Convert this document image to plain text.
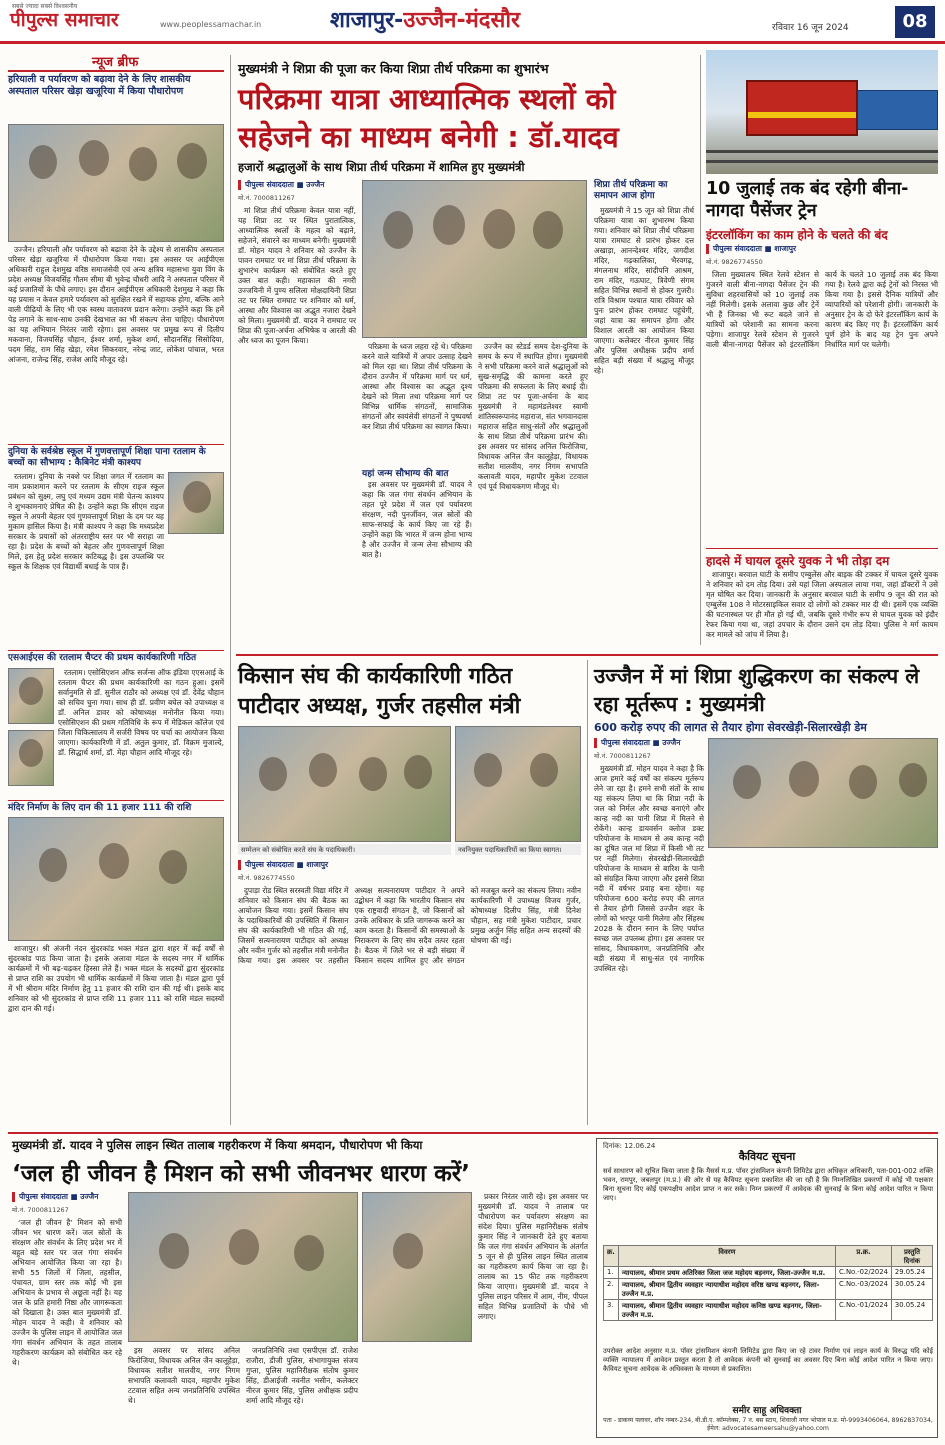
सबसे ज्यादा सबसे विश्वसनीय
पीपुल्स समाचार	www.peoplessamachar.in	शाजापुर-उज्जैन-मंदसौर	रविवार 16 जून 2024	08
न्यूज ब्रीफ
हरियाली व पर्यावरण को बढ़ावा देने के लिए शासकीय अस्पताल परिसर खेड़ा खजूरिया में किया पौधारोपण

उज्जैन। हरियाली और पर्यावरण को बढ़ावा देने के उद्देश्य से शासकीय अस्पताल परिसर खेड़ा खजूरिया में पौधारोपण किया गया। इस अवसर पर आईपीएस अधिकारी राहुल देशमुख वरिष्ठ समाजसेवी एवं अन्य क्षत्रिय महासभा युवा विंग के प्रदेश अध्यक्ष विजयसिंह गौतम सीमा बी भुवेन्द्र चौधरी आदि ने अस्पताल परिसर में कई प्रजातियों के पौधे लगाए। इस दौरान आईपीएस अधिकारी देशमुख ने कहा कि यह प्रयास न केवल हमारे पर्यावरण को सुरक्षित रखने में सहायक होगा, बल्कि आने वाली पीढ़ियों के लिए भी एक स्वस्थ वातावरण प्रदान करेगा। उन्होंने कहा कि हमें पेड़ लगाने के साथ-साथ उनकी देखभाल का भी संकल्प लेना चाहिए। पौधारोपण का यह अभियान निरंतर जारी रहेगा। इस अवसर पर प्रमुख रूप से दिलीप मकवाना, विजयसिंह चौहान, ईश्वर शर्मा, मुकेश शर्मा, सौदानसिंह सिसोदिया, पदम सिंह, राम सिंह खेड़ा, रमेश सिकरवार, नरेन्द्र जाट, लोकेश पांचाल, भरत आंजना, राजेन्द्र सिंह, राजेश आदि मौजूद रहे।

दुनिया के सर्वश्रेष्ठ स्कूल में गुणवत्तापूर्ण शिक्षा पाना रतलाम के बच्चों का सौभाग्य : कैबिनेट मंत्री काश्यप

रतलाम। दुनिया के नक्शे पर शिक्षा जगत में रतलाम का नाम प्रकाशमान करने पर रतलाम के सीएम राइज स्कूल प्रबंधन को सुक्ष्म, लघु एवं मध्यम उद्यम मंत्री चेतन्य काश्यप ने शुभकामनाएं प्रेषित की है। उन्होंने कहा कि सीएम राइज स्कूल ने अपनी बेहतर एवं गुणवत्तापूर्ण शिक्षा के दम पर यह मुकाम हासिल किया है। मंत्री काश्यप ने कहा कि मध्यप्रदेश सरकार के प्रयासों को अंतरराष्ट्रीय स्तर पर भी सराहा जा रहा है। प्रदेश के बच्चों को बेहतर और गुणवत्तापूर्ण शिक्षा मिले, इस हेतु प्रदेश सरकार कटिबद्ध है। इस उपलब्धि पर स्कूल के शिक्षक एवं विद्यार्थी बधाई के पात्र हैं।

एसआईएस की रतलाम चैप्टर की प्रथम कार्यकारिणी गठित

रतलाम। एसोसिएशन ऑफ सर्जन्स ऑफ इंडिया एएसआई के रतलाम चैप्टर की प्रथम कार्यकारिणी का गठन हुआ। इसमें सर्वानुमति से डॉ. सुनील राठौर को अध्यक्ष एवं डॉ. देवेंद्र चौहान को सचिव चुना गया। साथ ही डॉ. प्रवीण बघेल को उपाध्यक्ष व डॉ. अनिल डावर को कोषाध्यक्ष मनोनीत किया गया। एसोसिएशन की प्रथम गतिविधि के रूप में मेडिकल कॉलेज एवं जिला चिकित्सालय में सर्जरी विषय पर चर्चा का आयोजन किया जाएगा। कार्यकारिणी में डॉ. अतुल कुमार, डॉ. विक्रम मुजाल्दे, डॉ. सिद्धार्थ शर्मा, डॉ. मेहा चौहान आदि मौजूद रहे।

मंदिर निर्माण के लिए दान की 11 हजार 111 की राशि

शाजापुर। श्री अंजनी नंदन सुंदरकांड भक्त मंडल द्वारा शहर में कई वर्षों से सुंदरकांड पाठ किया जाता है। इसके अलावा मंडल के सदस्य नगर में धार्मिक कार्यक्रमों में भी बढ़-चढ़कर हिस्सा लेते हैं। भक्त मंडल के सदस्यों द्वारा सुंदरकांड से प्राप्त राशि का उपयोग भी धार्मिक कार्यक्रमों में किया जाता है। मंडल द्वारा पूर्व में भी श्रीराम मंदिर निर्माण हेतु 11 हजार की राशि दान की गई थी। इसके बाद शनिवार को भी सुंदरकांड से प्राप्त राशि 11 हजार 111 को राशि मंडल सदस्यों द्वारा दान की गई।

मुख्यमंत्री ने शिप्रा की पूजा कर किया शिप्रा तीर्थ परिक्रमा का शुभारंभ
परिक्रमा यात्रा आध्यात्मिक स्थलों को सहेजने का माध्यम बनेगी : डॉ.यादव
हजारों श्रद्धालुओं के साथ शिप्रा तीर्थ परिक्रमा में शामिल हुए मुख्यमंत्री
पीपुल्स संवाददाता ■ उज्जैन
मो.नं. 7000811267

मां शिप्रा तीर्थ परिक्रमा केवल यात्रा नहीं, यह शिप्रा तट पर स्थित पुरातात्विक, आध्यात्मिक स्थलों के महत्व को बढ़ाने, सहेजने, संवारने का माध्यम बनेगी। मुख्यमंत्री डॉ. मोहन यादव ने शनिवार को उज्जैन के पावन रामघाट पर मां शिप्रा तीर्थ परिक्रमा के शुभारंभ कार्यक्रम को संबोधित करते हुए उक्त बात कही। महाकाल की नगरी उज्जयिनी में पुण्य सलिला मोक्षदायिनी शिप्रा तट पर स्थित रामघाट पर शनिवार को धर्म, आस्था और विश्वास का अद्भुत नजारा देखने को मिला। मुख्यमंत्री डॉ. यादव ने रामघाट पर शिप्रा की पूजा-अर्चना अभिषेक व आरती की और ध्वज का पूजन किया।

परिक्रमा के ध्वज लहरा रहे थे। परिक्रमा करने वाले यात्रियों में अपार उत्साह देखने को मिल रहा था। शिप्रा तीर्थ परिक्रमा के दौरान उज्जैन में परिक्रमा मार्ग पर धर्म, आस्था और विश्वास का अद्भुत दृश्य देखने को मिला तथा परिक्रमा मार्ग पर विभिन्न धार्मिक संगठनों, सामाजिक संगठनों और स्वयंसेवी संगठनों ने पुष्पवर्षा कर शिप्रा तीर्थ परिक्रमा का स्वागत किया।

यहां जन्म सौभाग्य की बात

इस अवसर पर मुख्यमंत्री डॉ. यादव ने कहा कि जल गंगा संवर्धन अभियान के तहत पूरे प्रदेश में जल एवं पर्यावरण संरक्षण, नदी पुनर्जीवन, जल स्रोतों की साफ-सफाई के कार्य किए जा रहे हैं। उन्होंने कहा कि भारत में जन्म होना भाग्य है और उज्जैन में जन्म लेना सौभाग्य की बात है।

उज्जैन का स्टेडर्ड समय देश-दुनिया के समय के रूप में स्थापित होगा। मुख्यमंत्री ने सभी परिक्रमा करने वाले श्रद्धालुओं को सुख-समृद्धि की कामना करते हुए परिक्रमा की सफलता के लिए बधाई दी। शिप्रा तट पर पूजा-अर्चना के बाद मुख्यमंत्री ने महामंडलेश्वर स्वामी शांतिस्वरूपानंद महाराज, संत भगवानदास महाराज सहित साधु-संतों और श्रद्धालुओं के साथ शिप्रा तीर्थ परिक्रमा प्रारंभ की। इस अवसर पर सांसद अनिल फिरोजिया, विधायक अनिल जैन कालूहेड़ा, विधायक सतीश मालवीय, नगर निगम सभापति कलावती यादव, महापौर मुकेश टटवाल एवं पूर्व विधायकगण मौजूद थे।

शिप्रा तीर्थ परिक्रमा का समापन आज होगा

मुख्यमंत्री ने 15 जून को शिप्रा तीर्थ परिक्रमा यात्रा का शुभारम्भ किया गया। शनिवार को शिप्रा तीर्थ परिक्रमा यात्रा रामघाट से प्रारंभ होकर दत्त अखाड़ा, आनन्देश्वर मंदिर, जगदीश मंदिर, गढ़कालिका, भैरवगढ़, मंगलनाथ मंदिर, सांदीपनि आश्रम, राम मंदिर, गऊघाट, त्रिवेणी संगम सहित विभिन्न स्थानों से होकर गुजरी। रात्रि विश्राम पश्चात यात्रा रविवार को पुनः प्रारंभ होकर रामघाट पहुंचेगी, जहां यात्रा का समापन होगा और विशाल आरती का आयोजन किया जाएगा। कलेक्टर नीरज कुमार सिंह और पुलिस अधीक्षक प्रदीप शर्मा सहित बड़ी संख्या में श्रद्धालु मौजूद रहे।

10 जुलाई तक बंद रहेगी बीना-नागदा पैसेंजर ट्रेन
इंटरलॉकिंग का काम होने के चलते की बंद
पीपुल्स संवाददाता ■ शाजापुर
मो.नं. 9826774550

जिला मुख्यालय स्थित रेलवे स्टेशन से गुजरने वाली बीना-नागदा पैसेंजर ट्रेन की सुविधा शहरवासियों को 10 जुलाई तक नहीं मिलेगी। इसके अलावा कुछ और ट्रेनें भी हैं जिनका भी रूट बदले जाने से यात्रियों को परेशानी का सामना करना पड़ेगा। शाजापुर रेलवे स्टेशन से गुजरने वाली बीना-नागदा पैसेंजर को इंटरलॉकिंग कार्य के चलते 10 जुलाई तक बंद किया गया है। रेलवे द्वारा कई ट्रेनों को निरस्त भी किया गया है। इससे दैनिक यात्रियों और व्यापारियों को परेशानी होगी। जानकारी के अनुसार ट्रेन के दो फेरे इंटरलॉकिंग कार्य के कारण बंद किए गए हैं। इंटरलॉकिंग कार्य पूर्ण होने के बाद यह ट्रेन पुनः अपने निर्धारित मार्ग पर चलेगी।

हादसे में घायल दूसरे युवक ने भी तोड़ा दम

शाजापुर। बरवाल घाटी के समीप एम्बुलेंस और बाइक की टक्कर में घायल दूसरे युवक ने शनिवार को दम तोड़ दिया। उसे यहां जिला अस्पताल लाया गया, जहां डॉक्टरों ने उसे मृत घोषित कर दिया। जानकारी के अनुसार बरवाल घाटी के समीप 9 जून की रात को एम्बुलेंस 108 ने मोटरसाइकिल सवार दो लोगों को टक्कर मार दी थी। इसमें एक व्यक्ति की घटनास्थल पर ही मौत हो गई थी, जबकि दूसरे गंभीर रूप से घायल युवक को इंदौर रेफर किया गया था, जहां उपचार के दौरान उसने दम तोड़ दिया। पुलिस ने मर्ग कायम कर मामले को जांच में लिया है।

किसान संघ की कार्यकारिणी गठित पाटीदार अध्यक्ष, गुर्जर तहसील मंत्री
सम्मेलन को संबोधित करते संघ के पदाधिकारी।	नवनियुक्त पदाधिकारियों का किया स्वागत।
पीपुल्स संवाददाता ■ शाजापुर
मो.नं. 9826774550

दुपाड़ा रोड स्थित सरस्वती विद्या मंदिर में शनिवार को किसान संघ की बैठक का आयोजन किया गया। इसमें किसान संघ के पदाधिकारियों की उपस्थिति में किसान संघ की कार्यकारिणी भी गठित की गई, जिसमें सत्यनारायण पाटीदार को अध्यक्ष और नवीन गुर्जर को तहसील मंत्री मनोनीत किया गया। इस अवसर पर तहसील अध्यक्ष सत्यनारायण पाटीदार ने अपने उद्बोधन में कहा कि भारतीय किसान संघ एक राष्ट्रवादी संगठन है, जो किसानों को उनके अधिकार के प्रति जागरूक करने का काम करता है। किसानों की समस्याओं के निराकरण के लिए संघ सदैव तत्पर रहता है। बैठक में जिले भर से बड़ी संख्या में किसान सदस्य शामिल हुए और संगठन को मजबूत करने का संकल्प लिया। नवीन कार्यकारिणी में उपाध्यक्ष विजय गुर्जर, कोषाध्यक्ष दिलीप सिंह, मंत्री दिनेश चौहान, सह मंत्री मुकेश पाटीदार, प्रचार प्रमुख अर्जुन सिंह सहित अन्य सदस्यों की घोषणा की गई।

उज्जैन में मां शिप्रा शुद्धिकरण का संकल्प ले रहा मूर्तरूप : मुख्यमंत्री
600 करोड़ रुपए की लागत से तैयार होगा सेवरखेड़ी-सिलारखेड़ी डेम
पीपुल्स संवाददाता ■ उज्जैन
मो.नं. 7000811267

मुख्यमंत्री डॉ. मोहन यादव ने कहा है कि आज हमारे कई वर्षों का संकल्प मूर्तरूप लेने जा रहा है। हमने सभी संतों के साथ यह संकल्प लिया था कि शिप्रा नदी के जल को निर्मल और स्वच्छ बनाएंगे और कान्ह नदी का पानी शिप्रा में मिलने से रोकेंगे। कान्ह डायवर्सन क्लोज डक्ट परियोजना के माध्यम से अब कान्ह नदी का दूषित जल मां शिप्रा में किसी भी तट पर नहीं मिलेगा। सेवरखेड़ी-सिलारखेड़ी परियोजना के माध्यम से बारिश के पानी को संग्रहित किया जाएगा और इससे शिप्रा नदी में वर्षभर प्रवाह बना रहेगा। यह परियोजना 600 करोड़ रुपए की लागत से तैयार होगी जिससे उज्जैन शहर के लोगों को भरपूर पानी मिलेगा और सिंहस्थ 2028 के दौरान स्नान के लिए पर्याप्त स्वच्छ जल उपलब्ध होगा। इस अवसर पर सांसद, विधायकगण, जनप्रतिनिधि और बड़ी संख्या में साधु-संत एवं नागरिक उपस्थित रहे।

मुख्यमंत्री डॉ. यादव ने पुलिस लाइन स्थित तालाब गहरीकरण में किया श्रमदान, पौधारोपण भी किया
‘जल ही जीवन है मिशन को सभी जीवनभर धारण करें’
पीपुल्स संवाददाता ■ उज्जैन
मो.नं. 7000811267

‘जल ही जीवन है’ मिशन को सभी जीवन भर धारण करें। जल स्रोतों के संरक्षण और संवर्धन के लिए प्रदेश भर में बहुत बड़े स्तर पर जल गंगा संवर्धन अभियान आयोजित किया जा रहा है। सभी 55 जिलों में जिला, तहसील, पंचायत, ग्राम स्तर तक कोई भी इस अभियान के प्रभाव से अछूता नहीं है। यह जल के प्रति हमारी निष्ठा और जागरूकता को दिखाता है। उक्त बात मुख्यमंत्री डॉ. मोहन यादव ने कही। वे शनिवार को उज्जैन के पुलिस लाइन में आयोजित जल गंगा संवर्धन अभियान के तहत तालाब गहरीकरण कार्यक्रम को संबोधित कर रहे थे।

इस अवसर पर सांसद अनिल फिरोजिया, विधायक अनिल जैन कालूहेड़ा, विधायक सतीश मालवीय, नगर निगम सभापति कलावती यादव, महापौर मुकेश टटवाल सहित अन्य जनप्रतिनिधि उपस्थित थे।

जनप्रतिनिधि तथा एसपीएस डॉ. राजेश राजौरा, डीजी पुलिस, संभागायुक्त संजय गुप्ता, पुलिस महानिरीक्षक संतोष कुमार सिंह, डीआईजी नवनीत भसीन, कलेक्टर नीरज कुमार सिंह, पुलिस अधीक्षक प्रदीप शर्मा आदि मौजूद रहे।

प्रकार निरंतर जारी रहे। इस अवसर पर मुख्यमंत्री डॉ. यादव ने तालाब पर पौधारोपण कर पर्यावरण संरक्षण का संदेश दिया। पुलिस महानिरीक्षक संतोष कुमार सिंह ने जानकारी देते हुए बताया कि जल गंगा संवर्धन अभियान के अंतर्गत 5 जून से ही पुलिस लाइन स्थित तालाब का गहरीकरण कार्य किया जा रहा है। तालाब का 15 फीट तक गहरीकरण किया जाएगा। मुख्यमंत्री डॉ. यादव ने पुलिस लाइन परिसर में आम, नीम, पीपल सहित विभिन्न प्रजातियों के पौधे भी लगाए।

दिनांक: 12.06.24
कैवियट सूचना
सर्व साधारण को सूचित किया जाता है कि मैसर्स म.प्र. पॉवर ट्रांसमिशन कंपनी लिमिटेड द्वारा अधिकृत अधिकारी, पता-001-002 शक्ति भवन, रामपुर, जबलपुर (म.प्र.) की ओर से यह कैवियट सूचना प्रकाशित की जा रही है कि निम्नलिखित प्रकरणों में कोई भी पक्षकार बिना सूचना दिए कोई एकपक्षीय आदेश प्राप्त न कर सके। निम्न प्रकरणों में आवेदक की सुनवाई के बिना कोई आदेश पारित न किया जाए।
क्र.	विवरण	प्र.क्र.	प्रस्तुति दिनांक
1.	न्यायालय, श्रीमान प्रथम अतिरिक्त जिला जज महोदय बड़नगर, जिला-उज्जैन म.प्र.	C.No.-02/2024	29.05.24
2.	न्यायालय, श्रीमान द्वितीय व्यवहार न्यायाधीश महोदय वरिष्ठ खण्ड बड़नगर, जिला-उज्जैन म.प्र.	C.No.-03/2024	30.05.24
3.	न्यायालय, श्रीमान द्वितीय व्यवहार न्यायाधीश महोदय कनिष्ठ खण्ड बड़नगर, जिला-उज्जैन म.प्र.	C.No.-01/2024	30.05.24
उपरोक्त आदेश अनुसार म.प्र. पॉवर ट्रांसमिशन कंपनी लिमिटेड द्वारा किए जा रहे टावर निर्माण एवं लाइन कार्य के विरुद्ध यदि कोई व्यक्ति न्यायालय में आवेदन प्रस्तुत करता है तो आवेदक कंपनी को सुनवाई का अवसर दिए बिना कोई आदेश पारित न किया जाए। कैवियट सूचना आवेदक के अधिवक्ता के माध्यम से प्रकाशित।
समीर साहू अधिवक्ता
पता - डाकव्य फ्लावर, शॉप नम्बर-234, बी.डी.ए. कॉम्प्लेक्स, 7 न. बस स्टाप, शिवाजी नगर भोपाल म.प्र. मो-9993406064, 8962837034, ईमेल: advocatesameersahu@yahoo.com
